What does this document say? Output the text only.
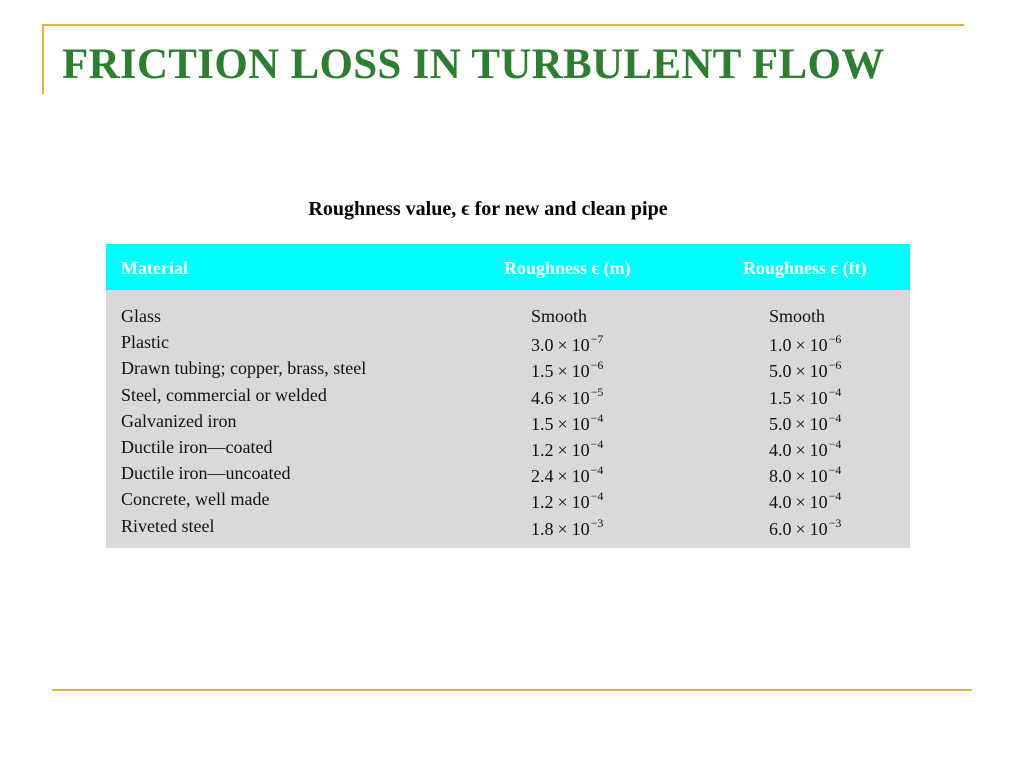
FRICTION LOSS IN TURBULENT FLOW
Roughness value, ϵ for new and clean pipe
Material	Roughness ϵ (m)	Roughness ϵ (ft)
Glass	Smooth	Smooth
Plastic	$3.0 \times 10^{-7}$	$1.0 \times 10^{-6}$
Drawn tubing; copper, brass, steel	$1.5 \times 10^{-6}$	$5.0 \times 10^{-6}$
Steel, commercial or welded	$4.6 \times 10^{-5}$	$1.5 \times 10^{-4}$
Galvanized iron	$1.5 \times 10^{-4}$	$5.0 \times 10^{-4}$
Ductile iron—coated	$1.2 \times 10^{-4}$	$4.0 \times 10^{-4}$
Ductile iron—uncoated	$2.4 \times 10^{-4}$	$8.0 \times 10^{-4}$
Concrete, well made	$1.2 \times 10^{-4}$	$4.0 \times 10^{-4}$
Riveted steel	$1.8 \times 10^{-3}$	$6.0 \times 10^{-3}$
